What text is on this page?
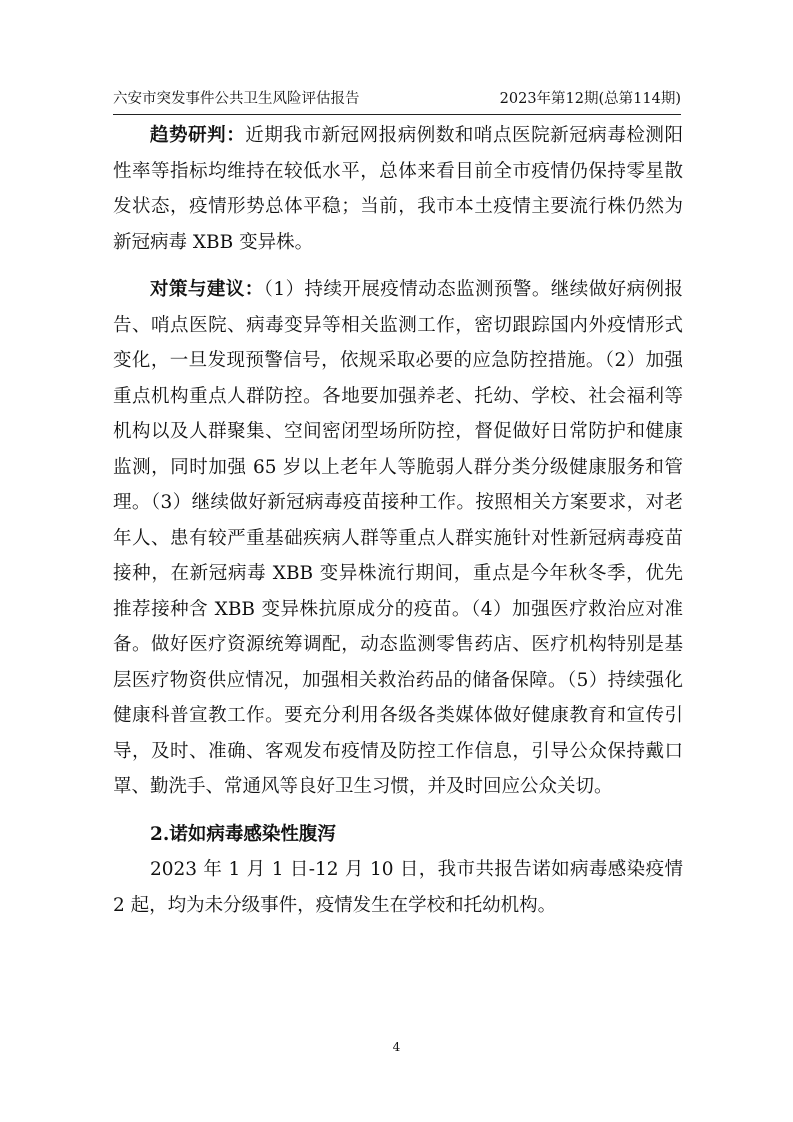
六安市突发事件公共卫生风险评估报告	2023年第12期(总第114期)

趋势研判：近期我市新冠网报病例数和哨点医院新冠病毒检测阳性率等指标均维持在较低水平，总体来看目前全市疫情仍保持零星散发状态，疫情形势总体平稳；当前，我市本土疫情主要流行株仍然为新冠病毒 XBB 变异株。

对策与建议：（1）持续开展疫情动态监测预警。继续做好病例报告、哨点医院、病毒变异等相关监测工作，密切跟踪国内外疫情形式变化，一旦发现预警信号，依规采取必要的应急防控措施。（2）加强重点机构重点人群防控。各地要加强养老、托幼、学校、社会福利等机构以及人群聚集、空间密闭型场所防控，督促做好日常防护和健康监测，同时加强 65 岁以上老年人等脆弱人群分类分级健康服务和管理。（3）继续做好新冠病毒疫苗接种工作。按照相关方案要求，对老年人、患有较严重基础疾病人群等重点人群实施针对性新冠病毒疫苗接种，在新冠病毒 XBB 变异株流行期间，重点是今年秋冬季，优先推荐接种含 XBB 变异株抗原成分的疫苗。（4）加强医疗救治应对准备。做好医疗资源统筹调配，动态监测零售药店、医疗机构特别是基层医疗物资供应情况，加强相关救治药品的储备保障。（5）持续强化健康科普宣教工作。要充分利用各级各类媒体做好健康教育和宣传引导，及时、准确、客观发布疫情及防控工作信息，引导公众保持戴口罩、勤洗手、常通风等良好卫生习惯，并及时回应公众关切。

2.诺如病毒感染性腹泻

2023 年 1 月 1 日-12 月 10 日，我市共报告诺如病毒感染疫情 2 起，均为未分级事件，疫情发生在学校和托幼机构。

4
